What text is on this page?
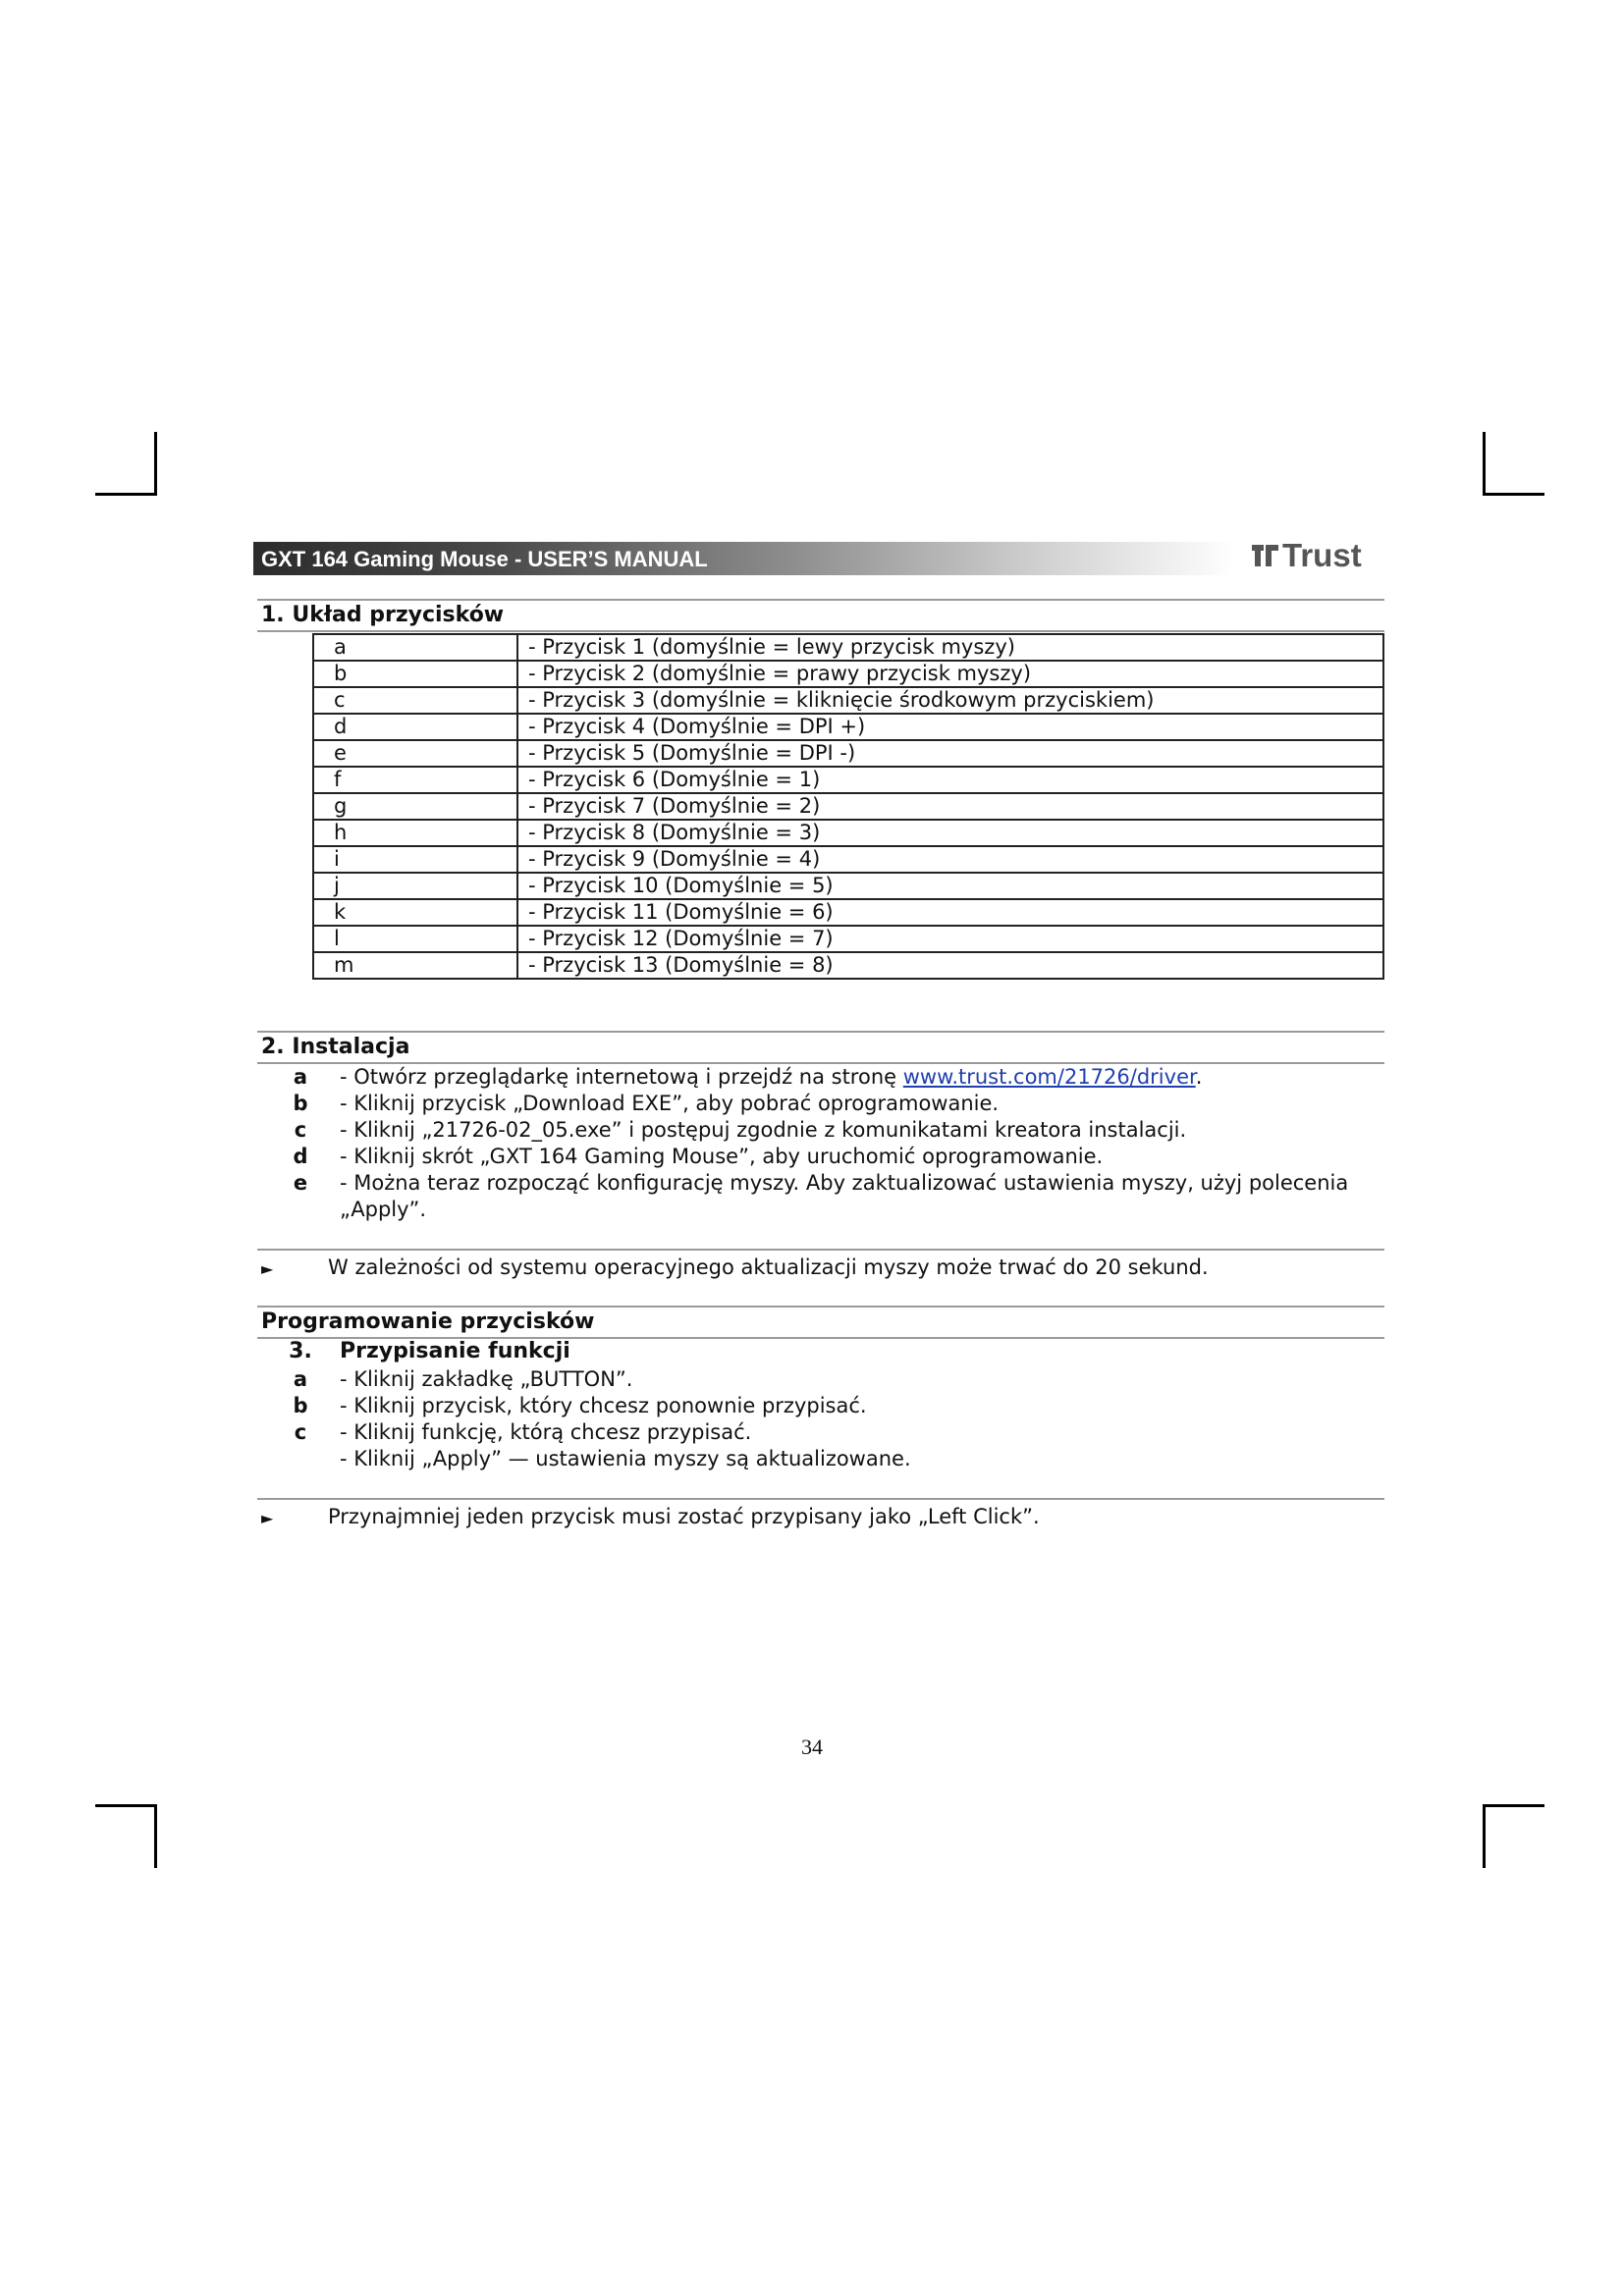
GXT 164 Gaming Mouse - USER’S MANUAL	Trust
1. Układ przycisków
a	- Przycisk 1 (domyślnie = lewy przycisk myszy)
b	- Przycisk 2 (domyślnie = prawy przycisk myszy)
c	- Przycisk 3 (domyślnie = kliknięcie środkowym przyciskiem)
d	- Przycisk 4 (Domyślnie = DPI +)
e	- Przycisk 5 (Domyślnie = DPI -)
f	- Przycisk 6 (Domyślnie = 1)
g	- Przycisk 7 (Domyślnie = 2)
h	- Przycisk 8 (Domyślnie = 3)
i	- Przycisk 9 (Domyślnie = 4)
j	- Przycisk 10 (Domyślnie = 5)
k	- Przycisk 11 (Domyślnie = 6)
l	- Przycisk 12 (Domyślnie = 7)
m	- Przycisk 13 (Domyślnie = 8)
2. Instalacja
a	- Otwórz przeglądarkę internetową i przejdź na stronę www.trust.com/21726/driver.
b	- Kliknij przycisk „Download EXE”, aby pobrać oprogramowanie.
c	- Kliknij „21726-02_05.exe” i postępuj zgodnie z komunikatami kreatora instalacji.
d	- Kliknij skrót „GXT 164 Gaming Mouse”, aby uruchomić oprogramowanie.
e	- Można teraz rozpocząć konfigurację myszy. Aby zaktualizować ustawienia myszy, użyj polecenia „Apply”.
►	W zależności od systemu operacyjnego aktualizacji myszy może trwać do 20 sekund.
Programowanie przycisków
3.	Przypisanie funkcji
a	- Kliknij zakładkę „BUTTON”.
b	- Kliknij przycisk, który chcesz ponownie przypisać.
c	- Kliknij funkcję, którą chcesz przypisać.
- Kliknij „Apply” — ustawienia myszy są aktualizowane.
►	Przynajmniej jeden przycisk musi zostać przypisany jako „Left Click”.
34
